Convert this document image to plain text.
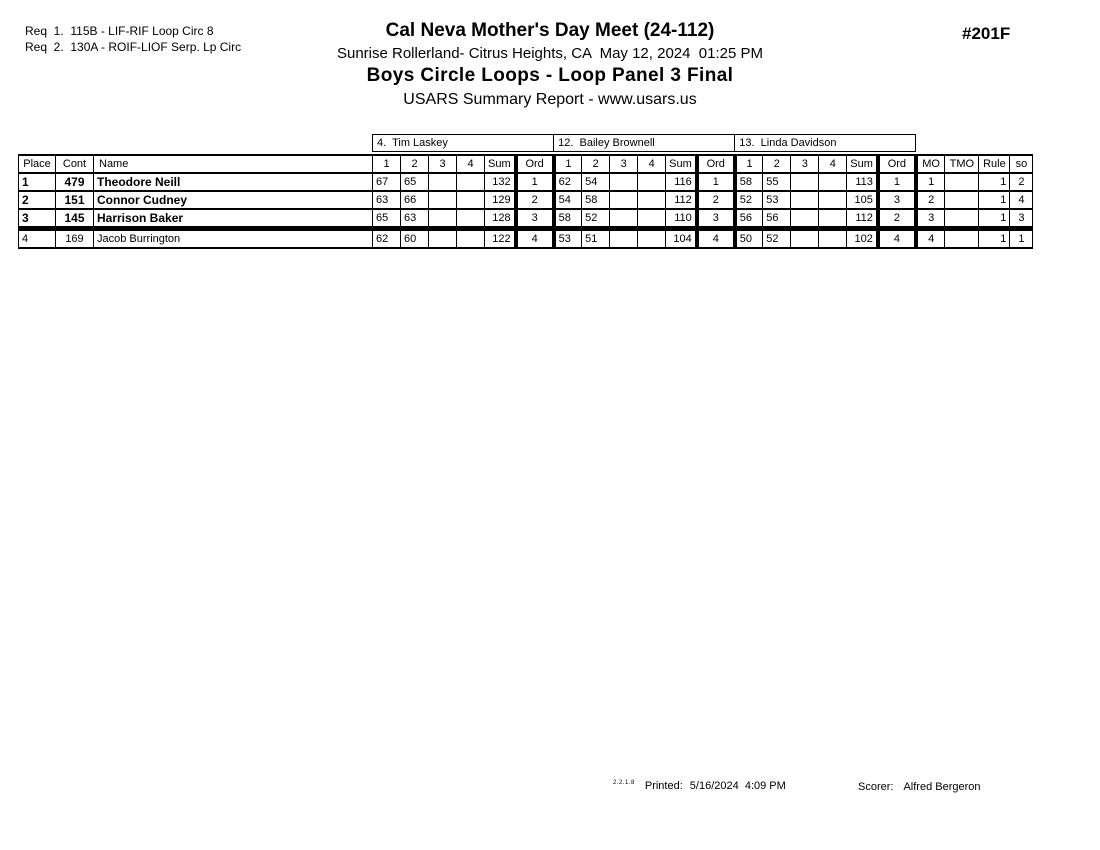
Req  1.  115B - LIF-RIF Loop Circ 8
Req  2.  130A - ROIF-LIOF Serp. Lp Circ
Cal Neva Mother's Day Meet (24-112)
Sunrise Rollerland- Citrus Heights, CA  May 12, 2024  01:25 PM
Boys Circle Loops - Loop Panel 3 Final
USARS Summary Report - www.usars.us
#201F
			4.  Tim Laskey						12.  Bailey Brownell						13.  Linda Davidson									

Place	Cont	Name	1	2	3	4	Sum	Ord	1	2	3	4	Sum	Ord	1	2	3	4	Sum	Ord	MO	TMO	Rule	so
1	479	Theodore Neill	67	65			132	1	62	54			116	1	58	55			113	1	1		1	2
2	151	Connor Cudney	63	66			129	2	54	58			112	2	52	53			105	3	2		1	4
3	145	Harrison Baker	65	63			128	3	58	52			110	3	56	56			112	2	3		1	3
4	169	Jacob Burrington	62	60			122	4	53	51			104	4	50	52			102	4	4		1	1
$^{2.2.1.8}$ Printed: 5/16/2024  4:09 PM	Scorer: Alfred Bergeron
